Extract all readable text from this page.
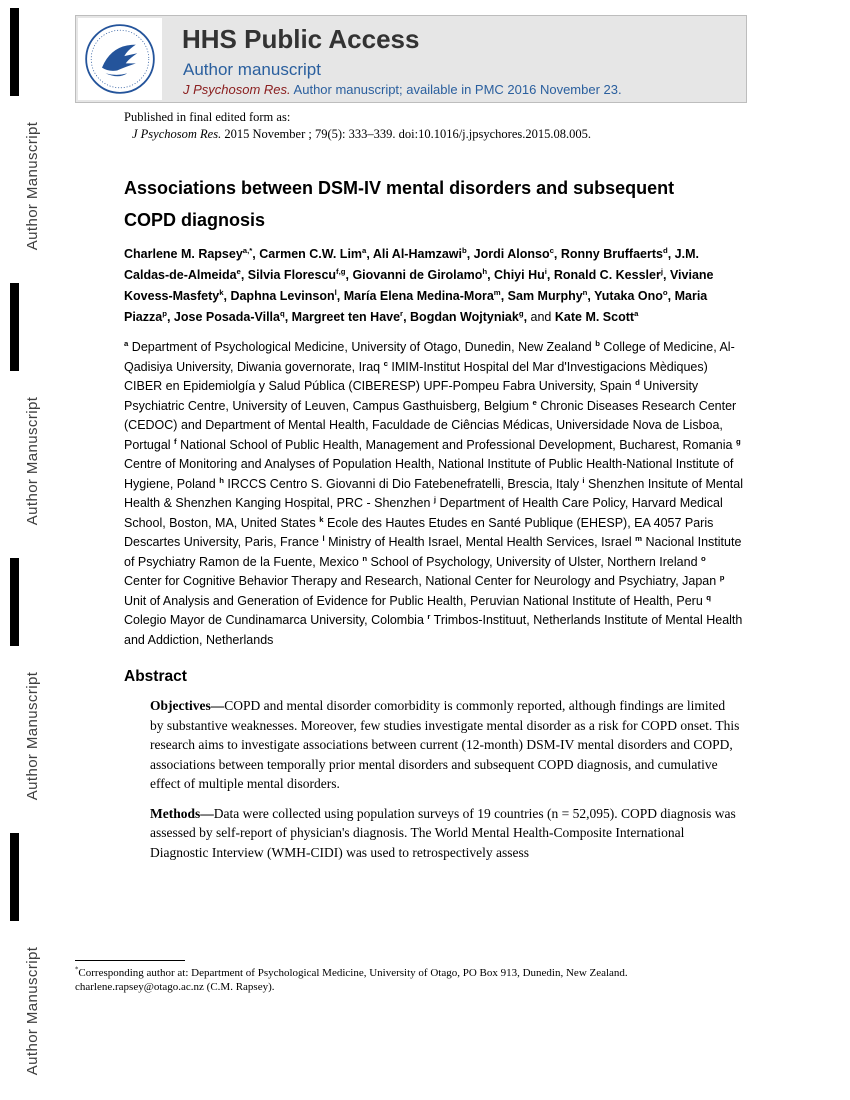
Author Manuscript
Author Manuscript
Author Manuscript
Author Manuscript
HHS Public Access
Author manuscript
J Psychosom Res. Author manuscript; available in PMC 2016 November 23.
Published in final edited form as:
J Psychosom Res. 2015 November ; 79(5): 333–339. doi:10.1016/j.jpsychores.2015.08.005.
Associations between DSM-IV mental disorders and subsequent COPD diagnosis
Charlene M. Rapsey$^{a,*}$, Carmen C.W. Lim$^a$, Ali Al-Hamzawi$^b$, Jordi Alonso$^c$, Ronny Bruffaerts$^d$, J.M. Caldas-de-Almeida$^e$, Silvia Florescu$^{f,g}$, Giovanni de Girolamo$^h$, Chiyi Hu$^i$, Ronald C. Kessler$^j$, Viviane Kovess-Masfety$^k$, Daphna Levinson$^l$, María Elena Medina-Mora$^m$, Sam Murphy$^n$, Yutaka Ono$^o$, Maria Piazza$^p$, Jose Posada-Villa$^q$, Margreet ten Have$^r$, Bogdan Wojtyniak$^g$, and Kate M. Scott$^a$
$^a$ Department of Psychological Medicine, University of Otago, Dunedin, New Zealand $^b$ College of Medicine, Al-Qadisiya University, Diwania governorate, Iraq $^c$ IMIM-Institut Hospital del Mar d'Investigacions Mèdiques) CIBER en Epidemiolgía y Salud Pública (CIBERESP) UPF-Pompeu Fabra University, Spain $^d$ University Psychiatric Centre, University of Leuven, Campus Gasthuisberg, Belgium $^e$ Chronic Diseases Research Center (CEDOC) and Department of Mental Health, Faculdade de Ciências Médicas, Universidade Nova de Lisboa, Portugal $^f$ National School of Public Health, Management and Professional Development, Bucharest, Romania $^g$ Centre of Monitoring and Analyses of Population Health, National Institute of Public Health-National Institute of Hygiene, Poland $^h$ IRCCS Centro S. Giovanni di Dio Fatebenefratelli, Brescia, Italy $^i$ Shenzhen Insitute of Mental Health & Shenzhen Kanging Hospital, PRC - Shenzhen $^j$ Department of Health Care Policy, Harvard Medical School, Boston, MA, United States $^k$ Ecole des Hautes Etudes en Santé Publique (EHESP), EA 4057 Paris Descartes University, Paris, France $^l$ Ministry of Health Israel, Mental Health Services, Israel $^m$ Nacional Institute of Psychiatry Ramon de la Fuente, Mexico $^n$ School of Psychology, University of Ulster, Northern Ireland $^o$ Center for Cognitive Behavior Therapy and Research, National Center for Neurology and Psychiatry, Japan $^p$ Unit of Analysis and Generation of Evidence for Public Health, Peruvian National Institute of Health, Peru $^q$ Colegio Mayor de Cundinamarca University, Colombia $^r$ Trimbos-Instituut, Netherlands Institute of Mental Health and Addiction, Netherlands
Abstract

Objectives—COPD and mental disorder comorbidity is commonly reported, although findings are limited by substantive weaknesses. Moreover, few studies investigate mental disorder as a risk for COPD onset. This research aims to investigate associations between current (12-month) DSM-IV mental disorders and COPD, associations between temporally prior mental disorders and subsequent COPD diagnosis, and cumulative effect of multiple mental disorders.

Methods—Data were collected using population surveys of 19 countries (n = 52,095). COPD diagnosis was assessed by self-report of physician's diagnosis. The World Mental Health-Composite International Diagnostic Interview (WMH-CIDI) was used to retrospectively assess

*Corresponding author at: Department of Psychological Medicine, University of Otago, PO Box 913, Dunedin, New Zealand.
charlene.rapsey@otago.ac.nz (C.M. Rapsey).
